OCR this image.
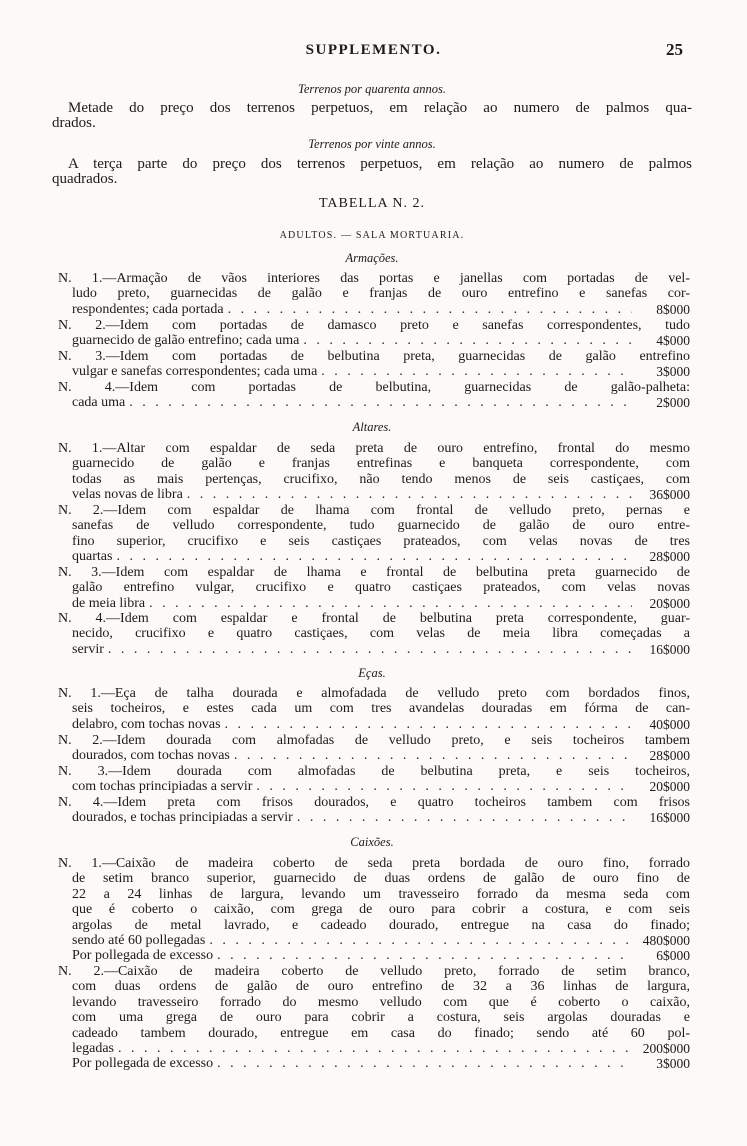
SUPPLEMENTO.	25
Terrenos por quarenta annos.
Metade do preço dos terrenos perpetuos, em relação ao numero de palmos qua-
drados.
Terrenos por vinte annos.
A terça parte do preço dos terrenos perpetuos, em relação ao numero de palmos
quadrados.
TABELLA N. 2.
ADULTOS. — SALA MORTUARIA.
Armações.
N. 1.—Armação de vãos interiores das portas e janellas com portadas de vel-
ludo preto, guarnecidas de galão e franjas de ouro entrefino e sanefas cor-
respondentes; cada portada . . .	8$000
N. 2.—Idem com portadas de damasco preto e sanefas correspondentes, tudo
guarnecido de galão entrefino; cada uma . . .	4$000
N. 3.—Idem com portadas de belbutina preta, guarnecidas de galão entrefino
vulgar e sanefas correspondentes; cada uma . . .	3$000
N. 4.—Idem com portadas de belbutina, guarnecidas de galão-palheta:
cada uma . . .	2$000
Altares.
N. 1.—Altar com espaldar de seda preta de ouro entrefino, frontal do mesmo
guarnecido de galão e franjas entrefinas e banqueta correspondente, com
todas as mais pertenças, crucifixo, não tendo menos de seis castiçaes, com
velas novas de libra . . .	36$000
N. 2.—Idem com espaldar de lhama com frontal de velludo preto, pernas e
sanefas de velludo correspondente, tudo guarnecido de galão de ouro entre-
fino superior, crucifixo e seis castiçaes prateados, com velas novas de tres
quartas . . .	28$000
N. 3.—Idem com espaldar de lhama e frontal de belbutina preta guarnecido de
galão entrefino vulgar, crucifixo e quatro castiçaes prateados, com velas novas
de meia libra . . .	20$000
N. 4.—Idem com espaldar e frontal de belbutina preta correspondente, guar-
necido, crucifixo e quatro castiçaes, com velas de meia libra começadas a
servir . . .	16$000
Eças.
N. 1.—Eça de talha dourada e almofadada de velludo preto com bordados finos,
seis tocheiros, e estes cada um com tres avandelas douradas em fórma de can-
delabro, com tochas novas . . .	40$000
N. 2.—Idem dourada com almofadas de velludo preto, e seis tocheiros tambem
dourados, com tochas novas . . .	28$000
N. 3.—Idem dourada com almofadas de belbutina preta, e seis tocheiros,
com tochas principiadas a servir . . .	20$000
N. 4.—Idem preta com frisos dourados, e quatro tocheiros tambem com frisos
dourados, e tochas principiadas a servir . . .	16$000
Caixões.
N. 1.—Caixão de madeira coberto de seda preta bordada de ouro fino, forrado
de setim branco superior, guarnecido de duas ordens de galão de ouro fino de
22 a 24 linhas de largura, levando um travesseiro forrado da mesma seda com
que é coberto o caixão, com grega de ouro para cobrir a costura, e com seis
argolas de metal lavrado, e cadeado dourado, entregue na casa do finado;
sendo até 60 pollegadas . . .	480$000
Por pollegada de excesso . . .	6$000
N. 2.—Caixão de madeira coberto de velludo preto, forrado de setim branco,
com duas ordens de galão de ouro entrefino de 32 a 36 linhas de largura,
levando travesseiro forrado do mesmo velludo com que é coberto o caixão,
com uma grega de ouro para cobrir a costura, seis argolas douradas e
cadeado tambem dourado, entregue em casa do finado; sendo até 60 pol-
legadas . . .	200$000
Por pollegada de excesso . . .	3$000
